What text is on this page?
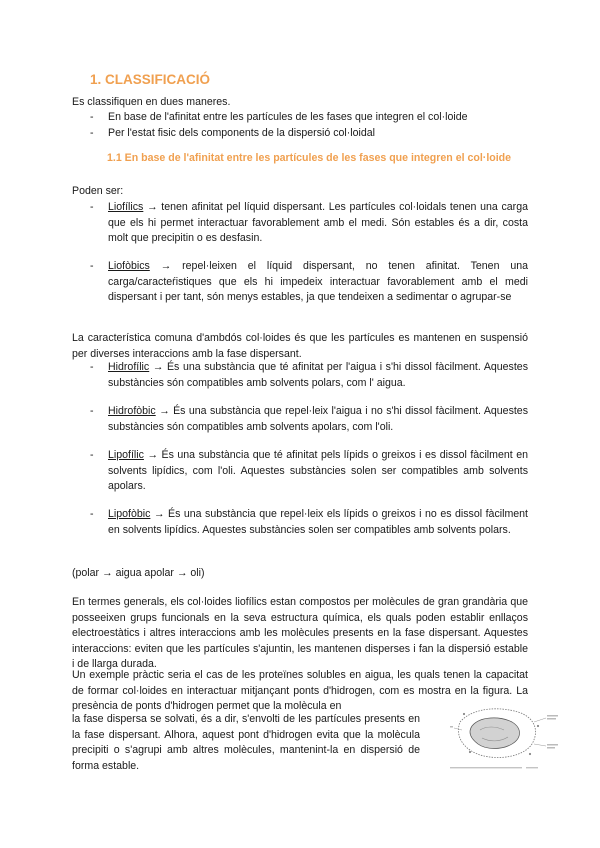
1. CLASSIFICACIÓ
Es classifiquen en dues maneres.
-	En base de l'afinitat entre les partícules de les fases que integren el col·loide
-	Per l'estat fisic dels components de la dispersió col·loidal
1.1 En base de l'afinitat entre les partícules de les fases que integren el col·loide
Poden ser:
-	Liofílics → tenen afinitat pel líquid dispersant. Les partícules col·loidals tenen una carga que els hi permet interactuar favorablement amb el medi. Són estables és a dir, costa molt que precipitin o es desfasin.
-	Liofòbics → repel·leixen el líquid dispersant, no tenen afinitat. Tenen una carga/caracteŕistiques que els hi impedeix interactuar favorablement amb el medi dispersant i per tant, són menys estables, ja que tendeixen a sedimentar o agrupar-se
La característica comuna d'ambdós col·loides és que les partícules es mantenen en suspensió per diverses interaccions amb la fase dispersant.
-	Hidrofílic → És una substància que té afinitat per l'aigua i s'hi dissol fàcilment. Aquestes substàncies són compatibles amb solvents polars, com l' aigua.
-	Hidrofòbic → És una substància que repel·leix l'aigua i no s'hi dissol fàcilment. Aquestes substàncies són compatibles amb solvents apolars, com l'oli.
-	Lipofílic → És una substància que té afinitat pels lípids o greixos i es dissol fàcilment en solvents lipídics, com l'oli. Aquestes substàncies solen ser compatibles amb solvents apolars.
-	Lipofòbic → És una substància que repel·leix els lípids o greixos i no es dissol fàcilment en solvents lipídics. Aquestes substàncies solen ser compatibles amb solvents polars.
(polar → aigua apolar → oli)
En termes generals, els col·loides liofílics estan compostos per molècules de gran grandària que posseeixen grups funcionals en la seva estructura química, els quals poden establir enllaços electroestàtics i altres interaccions amb les molècules presents en la fase dispersant. Aquestes interaccions: eviten que les partícules s'ajuntin, les mantenen disperses i fan la dispersió estable i de llarga durada.
Un exemple pràctic seria el cas de les proteïnes solubles en aigua, les quals tenen la capacitat de formar col·loides en interactuar mitjançant ponts d'hidrogen, com es mostra en la figura. La presència de ponts d'hidrogen permet que la molècula en
la fase dispersa se solvati, és a dir, s'envolti de les partícules presents en la fase dispersant. Alhora, aquest pont d'hidrogen evita que la molècula precipiti o s'agrupi amb altres molècules, mantenint-la en dispersió de forma estable.
